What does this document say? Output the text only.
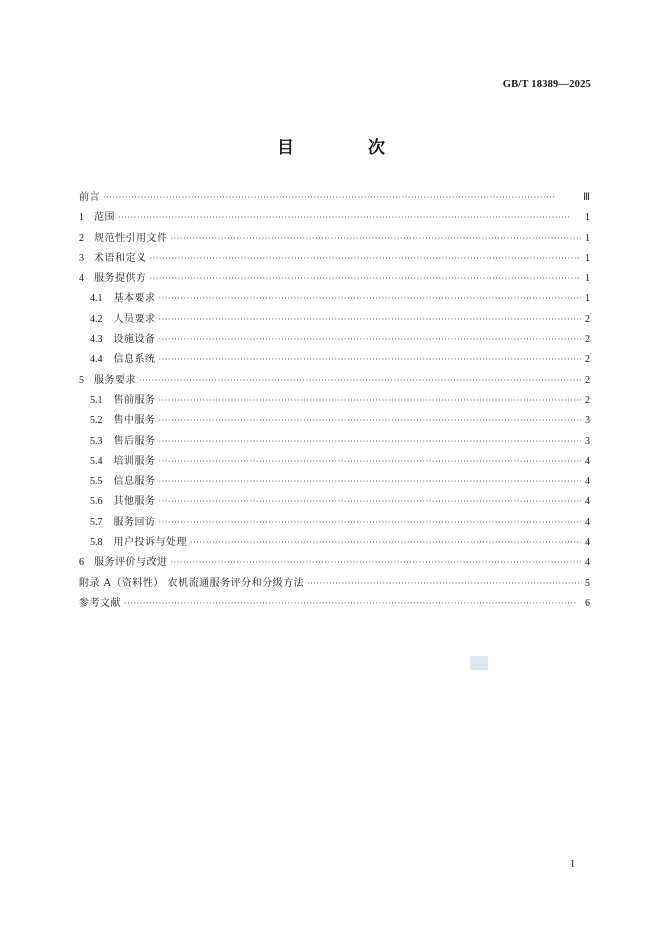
GB/T 18389—2025
目 次
前言 ·····	Ⅲ
1 范围 ·····	1
2 规范性引用文件 ·····	1
3 术语和定义 ·····	1
4 服务提供方 ·····	1
4.1 基本要求 ·····	1
4.2 人员要求 ·····	2
4.3 设施设备 ·····	2
4.4 信息系统 ·····	2
5 服务要求 ·····	2
5.1 售前服务 ·····	2
5.2 售中服务 ·····	3
5.3 售后服务 ·····	3
5.4 培训服务 ·····	4
5.5 信息服务 ·····	4
5.6 其他服务 ·····	4
5.7 服务回访 ·····	4
5.8 用户投诉与处理 ·····	4
6 服务评价与改进 ·····	4
附录 A（资料性） 农机流通服务评分和分级方法 ·····	5
参考文献 ·····	6
I
